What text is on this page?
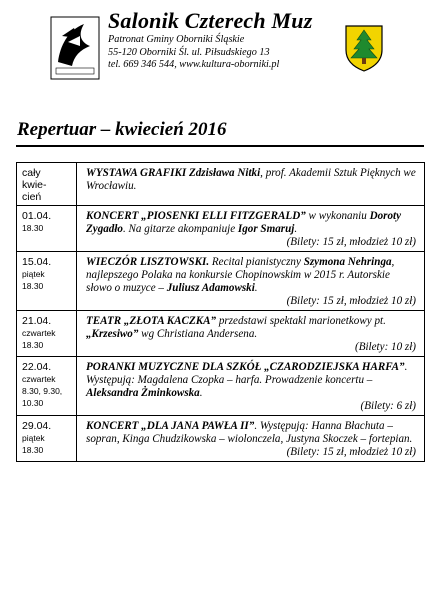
Salonik Czterech Muz
Patronat Gminy Oborniki Śląskie
55-120 Oborniki Śl. ul. Piłsudskiego 13
tel. 669 346 544, www.kultura-oborniki.pl
Repertuar – kwiecień 2016
cały
kwie-
cień
WYSTAWA GRAFIKI Zdzisława Nitki, prof. Akademii Sztuk Pięknych we Wrocławiu.
01.04.
18.30
KONCERT „PIOSENKI ELLI FITZGERALD” w wykonaniu Doroty Zygadło. Na gitarze akompaniuje Igor Smaruj.
(Bilety: 15 zł, młodzież 10 zł)
15.04.
piątek
18.30
WIECZÓR LISZTOWSKI. Recital pianistyczny Szymona Nehringa, najlepszego Polaka na konkursie Chopinowskim w 2015 r. Autorskie słowo o muzyce – Juliusz Adamowski.
(Bilety: 15 zł, młodzież 10 zł)
21.04.
czwartek
18.30
TEATR „ZŁOTA KACZKA” przedstawi spektakl marionetkowy pt. „Krzesiwo” wg Christiana Andersena.
(Bilety: 10 zł)
22.04.
czwartek
8.30, 9.30,
10.30
PORANKI MUZYCZNE DLA SZKÓŁ „CZARODZIEJSKA HARFA”. Występują: Magdalena Czopka – harfa. Prowadzenie koncertu – Aleksandra Żminkowska.
(Bilety: 6 zł)
29.04.
piątek
18.30
KONCERT „DLA JANA PAWŁA II”. Występują: Hanna Błachuta – sopran, Kinga Chudzikowska – wiolonczela, Justyna Skoczek – fortepian.
(Bilety: 15 zł, młodzież 10 zł)
